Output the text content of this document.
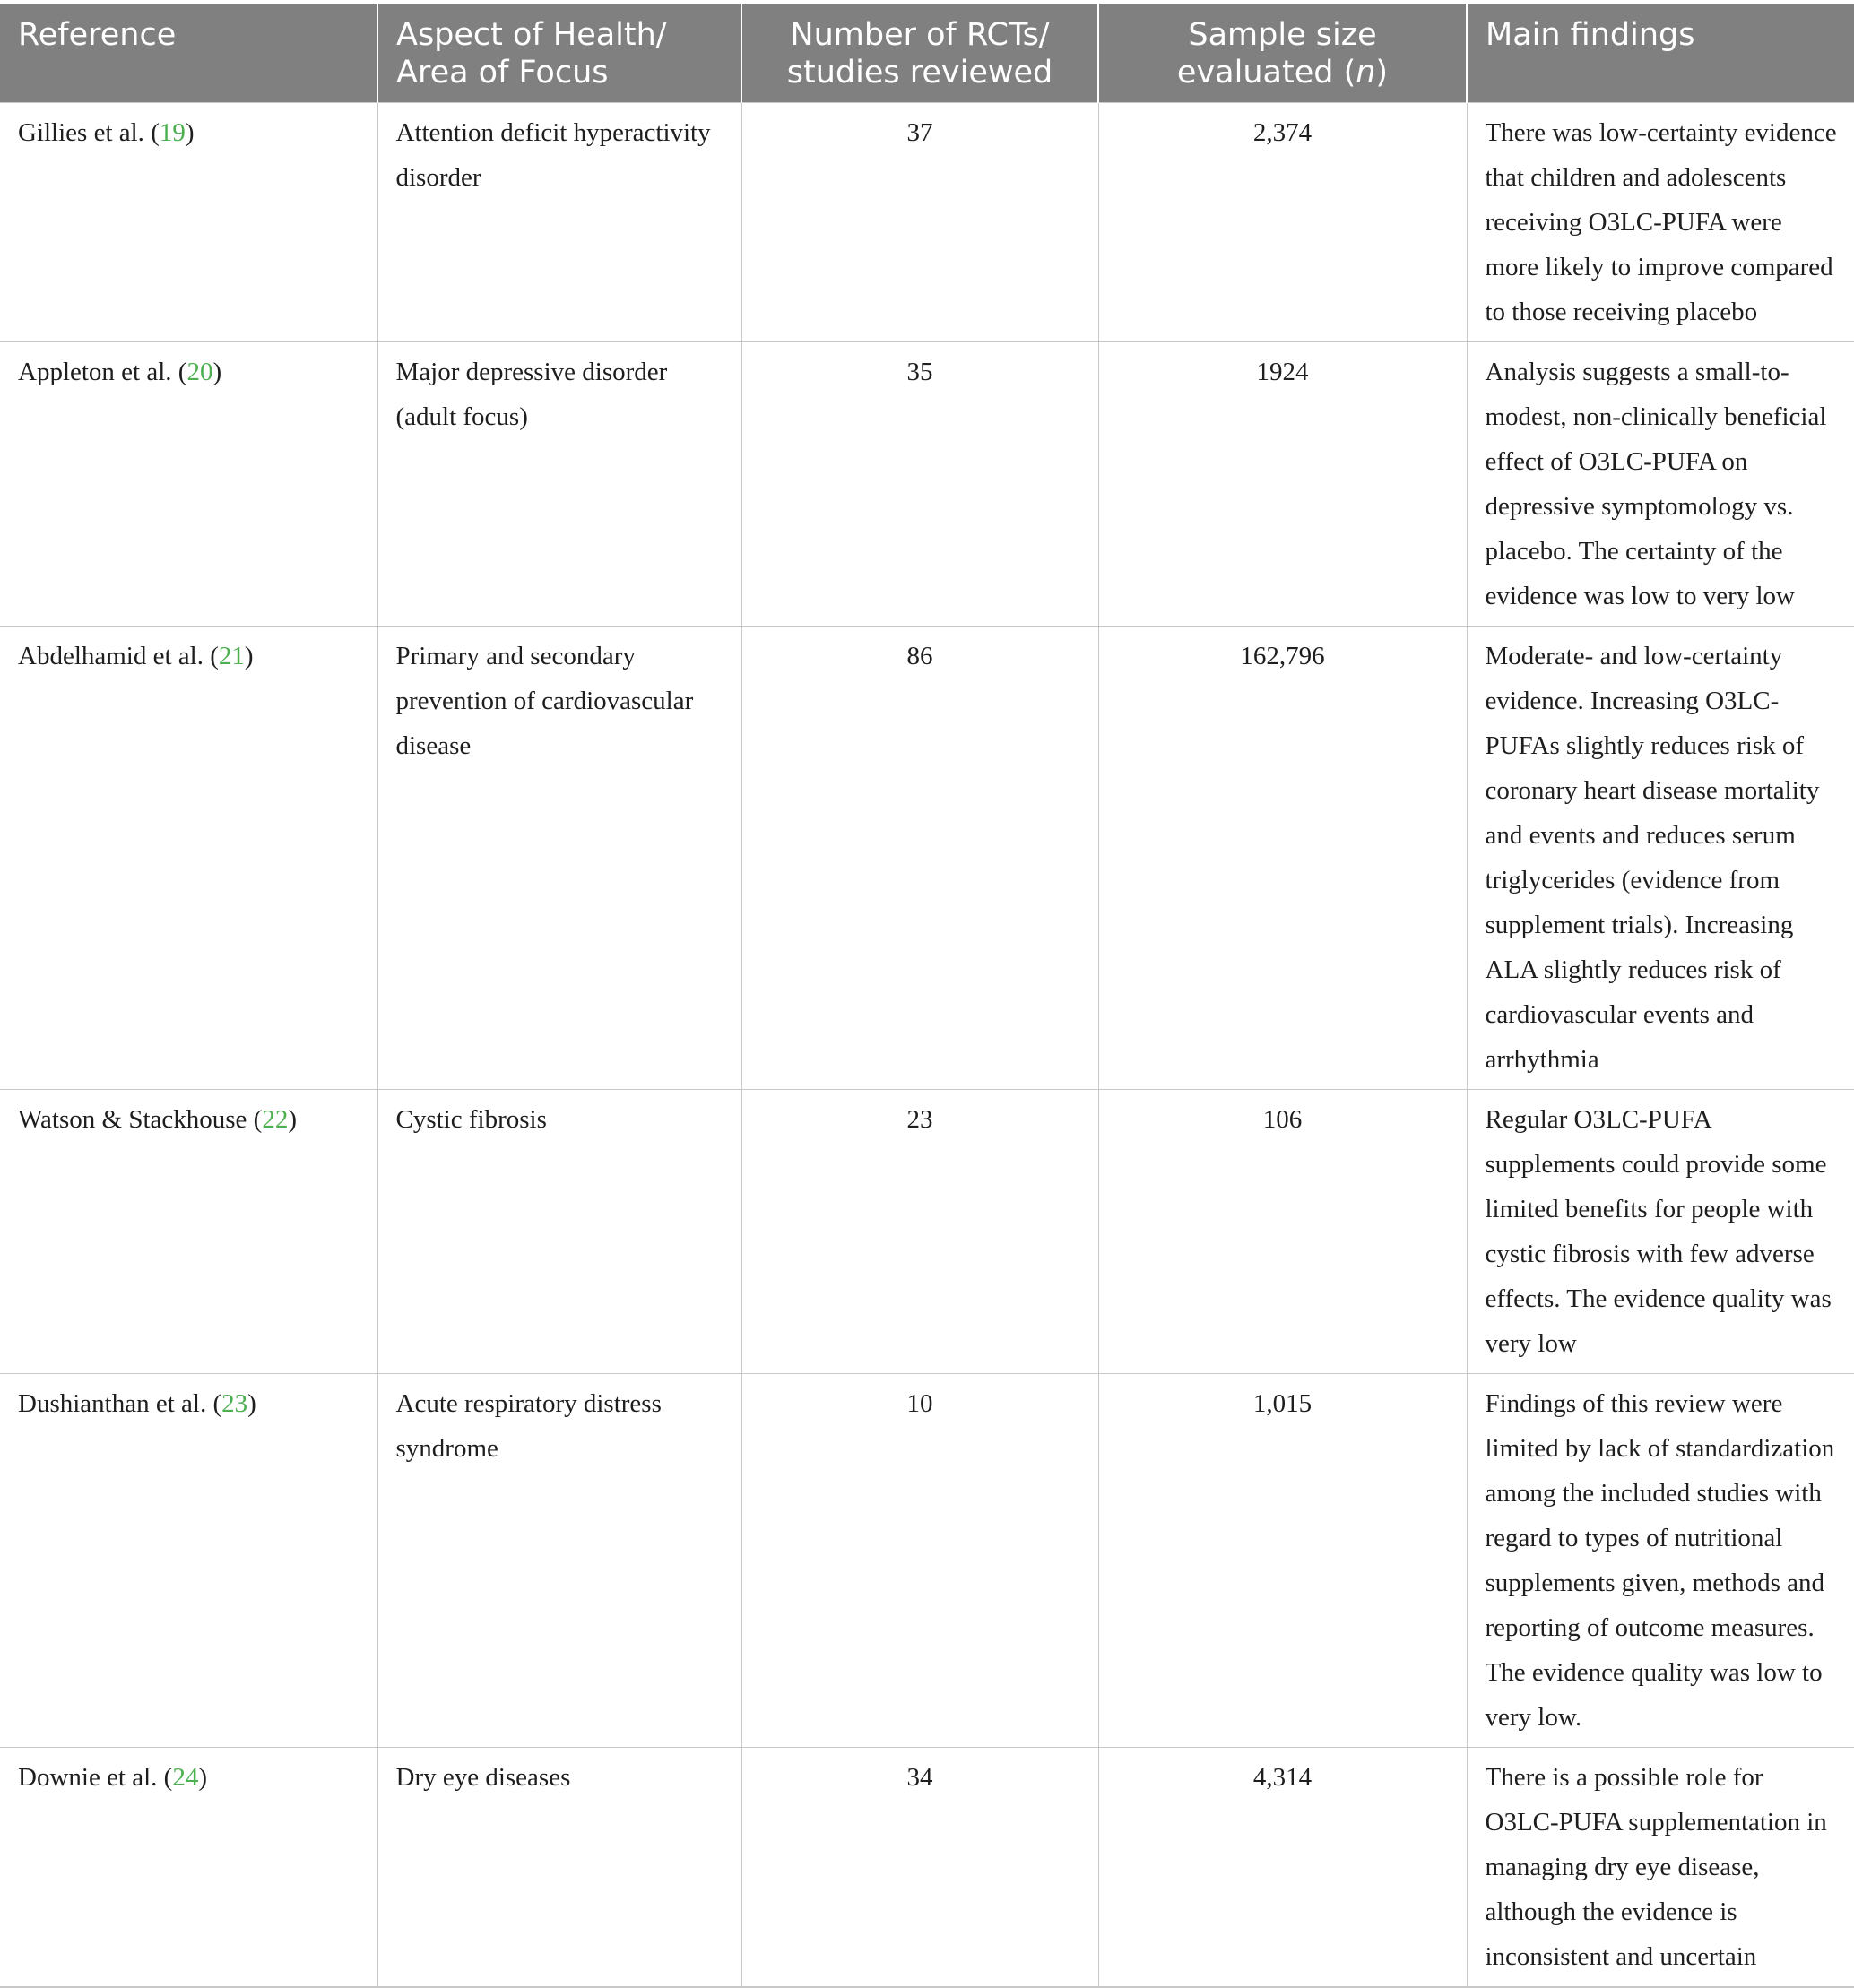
Reference	Aspect of Health/ Area of Focus	Number of RCTs/ studies reviewed	Sample size evaluated (n)	Main findings
Gillies et al. (19)	Attention deficit hyperactivity disorder	37	2,374	There was low-certainty evidence that children and adolescents receiving O3LC-PUFA were more likely to improve compared to those receiving placebo
Appleton et al. (20)	Major depressive disorder (adult focus)	35	1924	Analysis suggests a small-to-modest, non-clinically beneficial effect of O3LC-PUFA on depressive symptomology vs. placebo. The certainty of the evidence was low to very low
Abdelhamid et al. (21)	Primary and secondary prevention of cardiovascular disease	86	162,796	Moderate- and low-certainty evidence. Increasing O3LC-PUFAs slightly reduces risk of coronary heart disease mortality and events and reduces serum triglycerides (evidence from supplement trials). Increasing ALA slightly reduces risk of cardiovascular events and arrhythmia
Watson & Stackhouse (22)	Cystic fibrosis	23	106	Regular O3LC-PUFA supplements could provide some limited benefits for people with cystic fibrosis with few adverse effects. The evidence quality was very low
Dushianthan et al. (23)	Acute respiratory distress syndrome	10	1,015	Findings of this review were limited by lack of standardization among the included studies with regard to types of nutritional supplements given, methods and reporting of outcome measures. The evidence quality was low to very low.
Downie et al. (24)	Dry eye diseases	34	4,314	There is a possible role for O3LC-PUFA supplementation in managing dry eye disease, although the evidence is inconsistent and uncertain
